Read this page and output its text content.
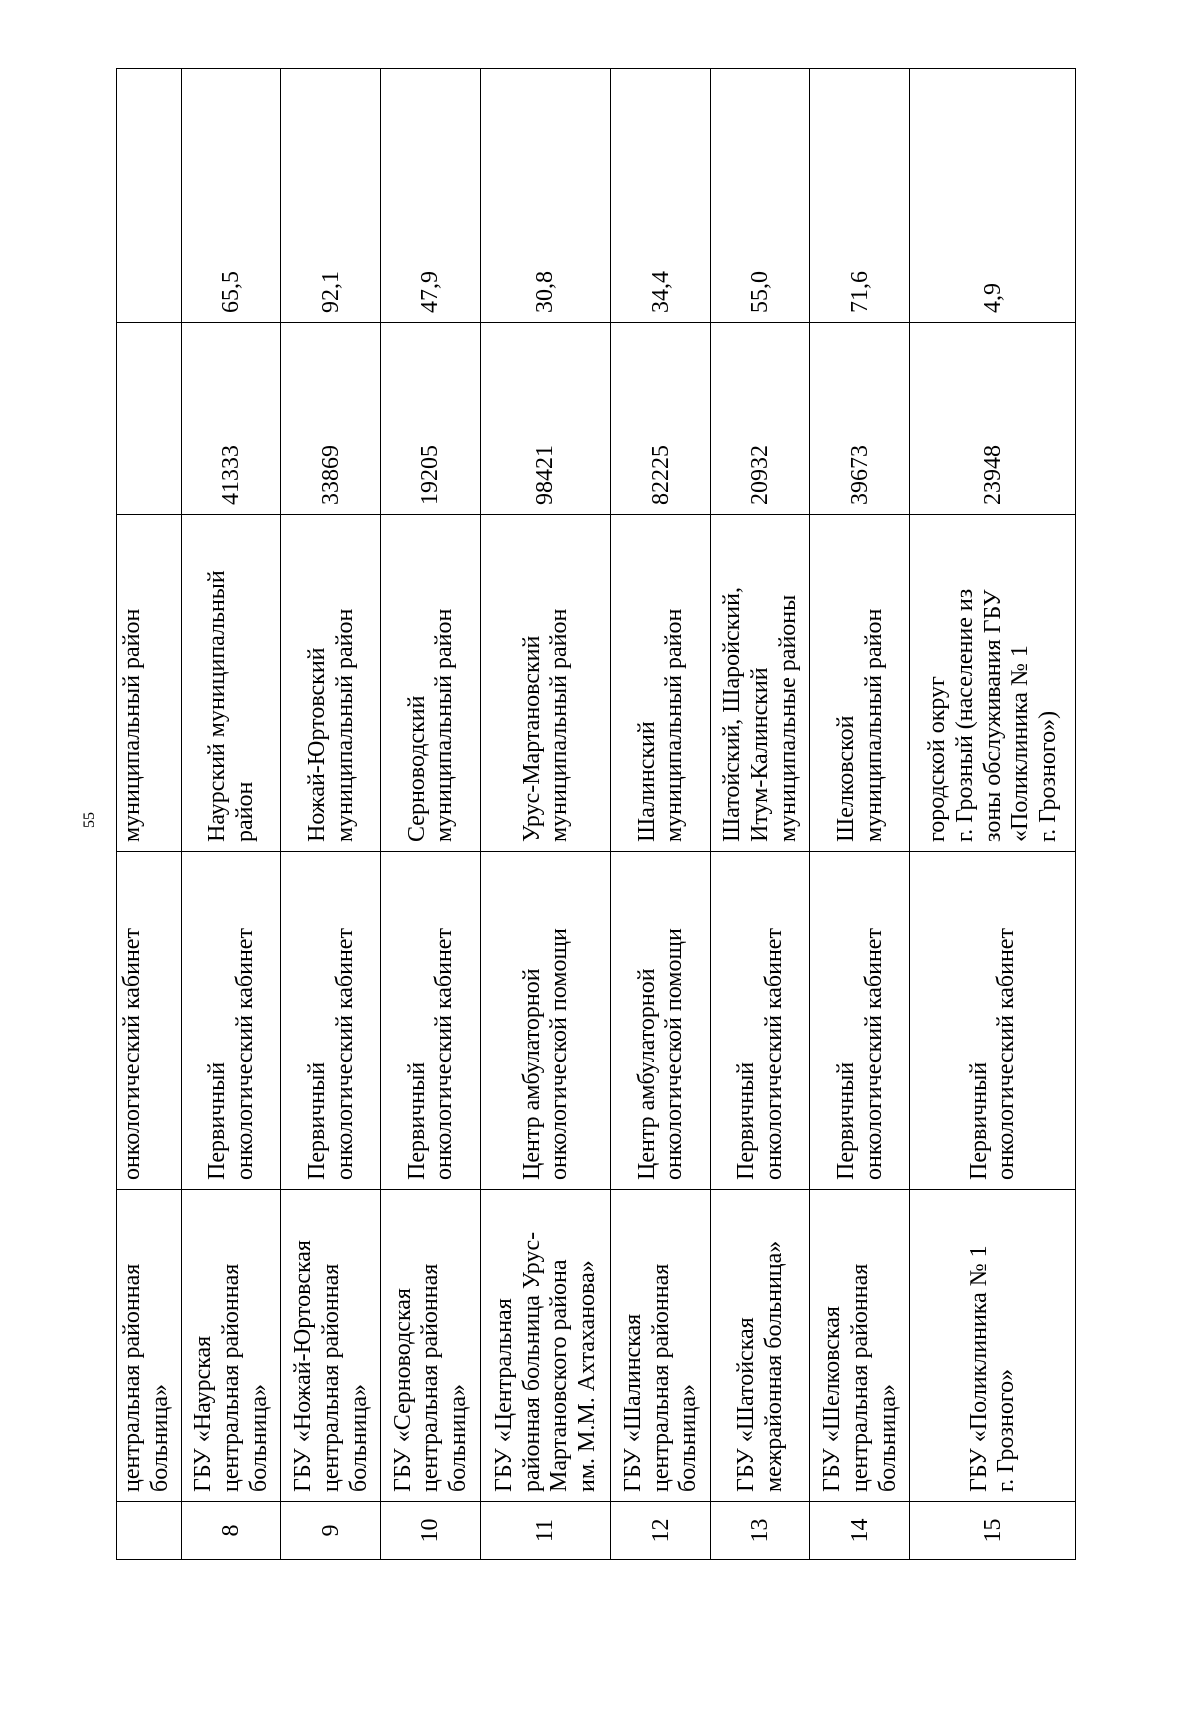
55

	центральная районная больница»	онкологический кабинет	муниципальный район		

8	ГБУ «Наурская центральная районная больница»	Первичный онкологический кабинет	Наурский муниципальный район	41333	65,5
9	ГБУ «Ножай-Юртовская центральная районная больница»	Первичный онкологический кабинет	Ножай-Юртовский муниципальный район	33869	92,1
10	ГБУ «Серноводская центральная районная больница»	Первичный онкологический кабинет	Серноводский муниципальный район	19205	47,9
11	ГБУ «Центральная районная больница Урус- Мартановского района им. М.М. Ахтаханова»	Центр амбулаторной онкологической помощи	Урус-Мартановский муниципальный район	98421	30,8
12	ГБУ «Шалинская центральная районная больница»	Центр амбулаторной онкологической помощи	Шалинский муниципальный район	82225	34,4
13	ГБУ «Шатойская межрайонная больница»	Первичный онкологический кабинет	Шатойский, Шаройский, Итум-Калинский муниципальные районы	20932	55,0
14	ГБУ «Шелковская центральная районная больница»	Первичный онкологический кабинет	Шелковской муниципальный район	39673	71,6
15	ГБУ «Поликлиника № 1 г. Грозного»	Первичный онкологический кабинет	городской округ г. Грозный (население из зоны обслуживания ГБУ «Поликлиника № 1 г. Грозного»)	23948	4,9
